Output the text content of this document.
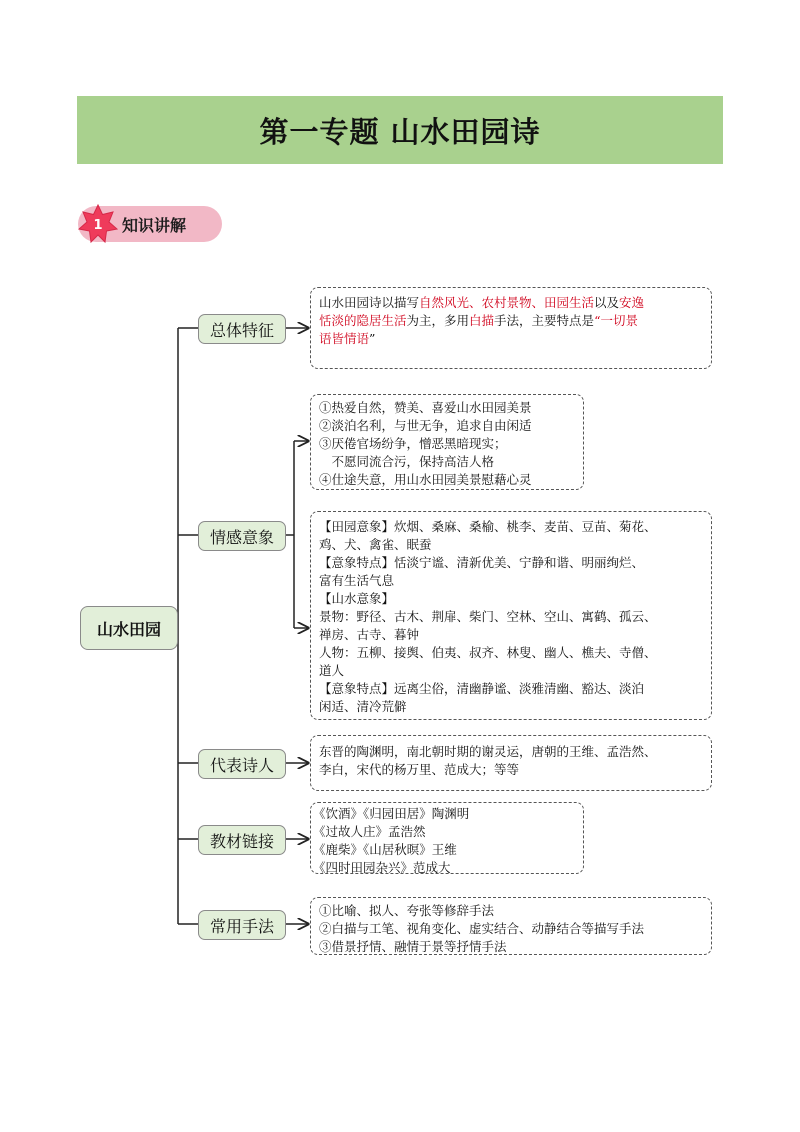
第一专题 山水田园诗
1 知识讲解
山水田园
总体特征
情感意象
代表诗人
教材链接
常用手法
山水田园诗以描写自然风光、农村景物、田园生活以及安逸
恬淡的隐居生活为主，多用白描手法，主要特点是“一切景
语皆情语”
①热爱自然，赞美、喜爱山水田园美景
②淡泊名利，与世无争，追求自由闲适
③厌倦官场纷争，憎恶黑暗现实；
　不愿同流合污，保持高洁人格
④仕途失意，用山水田园美景慰藉心灵
【田园意象】炊烟、桑麻、桑榆、桃李、麦苗、豆苗、菊花、
鸡、犬、禽雀、眠蚕
【意象特点】恬淡宁谧、清新优美、宁静和谐、明丽绚烂、
富有生活气息
【山水意象】
景物：野径、古木、荆扉、柴门、空林、空山、寓鹤、孤云、
禅房、古寺、暮钟
人物：五柳、接舆、伯夷、叔齐、林叟、幽人、樵夫、寺僧、
道人
【意象特点】远离尘俗，清幽静谧、淡雅清幽、豁达、淡泊
闲适、清冷荒僻
东晋的陶渊明，南北朝时期的谢灵运，唐朝的王维、孟浩然、
李白，宋代的杨万里、范成大；等等
《饮酒》《归园田居》陶渊明
《过故人庄》孟浩然
《鹿柴》《山居秋暝》王维
《四时田园杂兴》范成大
①比喻、拟人、夸张等修辞手法
②白描与工笔、视角变化、虚实结合、动静结合等描写手法
③借景抒情、融情于景等抒情手法
